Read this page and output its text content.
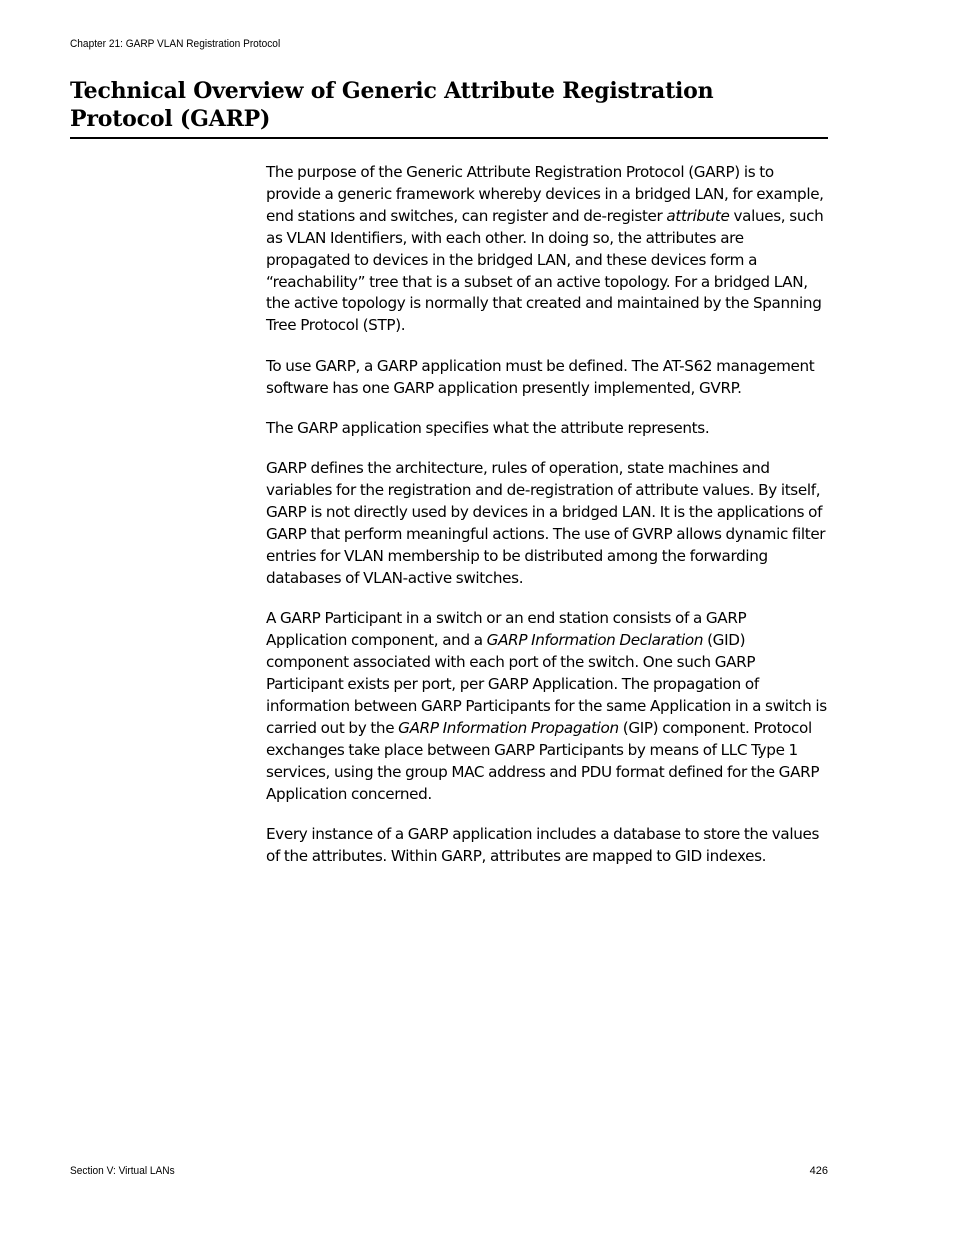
Chapter 21: GARP VLAN Registration Protocol
Technical Overview of Generic Attribute Registration Protocol (GARP)

The purpose of the Generic Attribute Registration Protocol (GARP) is to provide a generic framework whereby devices in a bridged LAN, for example, end stations and switches, can register and de-register attribute values, such as VLAN Identifiers, with each other. In doing so, the attributes are propagated to devices in the bridged LAN, and these devices form a “reachability” tree that is a subset of an active topology. For a bridged LAN, the active topology is normally that created and maintained by the Spanning Tree Protocol (STP).

To use GARP, a GARP application must be defined. The AT-S62 management software has one GARP application presently implemented, GVRP.

The GARP application specifies what the attribute represents.

GARP defines the architecture, rules of operation, state machines and variables for the registration and de-registration of attribute values. By itself, GARP is not directly used by devices in a bridged LAN. It is the applications of GARP that perform meaningful actions. The use of GVRP allows dynamic filter entries for VLAN membership to be distributed among the forwarding databases of VLAN-active switches.

A GARP Participant in a switch or an end station consists of a GARP Application component, and a GARP Information Declaration (GID) component associated with each port of the switch. One such GARP Participant exists per port, per GARP Application. The propagation of information between GARP Participants for the same Application in a switch is carried out by the GARP Information Propagation (GIP) component. Protocol exchanges take place between GARP Participants by means of LLC Type 1 services, using the group MAC address and PDU format defined for the GARP Application concerned.

Every instance of a GARP application includes a database to store the values of the attributes. Within GARP, attributes are mapped to GID indexes.

Section V: Virtual LANs	426
